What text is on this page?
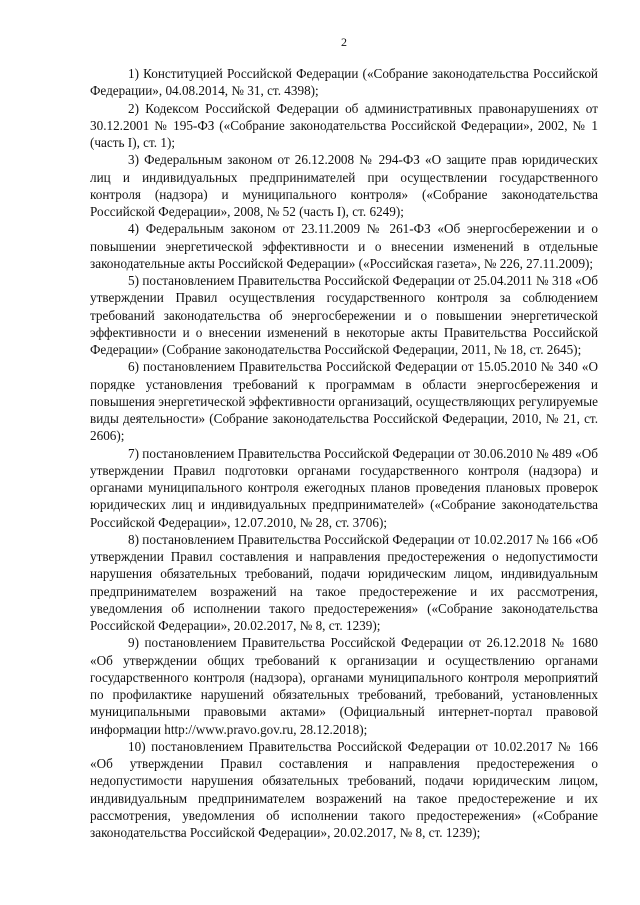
2

1) Конституцией Российской Федерации («Собрание законодательства Российской Федерации», 04.08.2014, № 31, ст. 4398);

2) Кодексом Российской Федерации об административных правонарушениях от 30.12.2001 № 195-ФЗ («Собрание законодательства Российской Федерации», 2002, № 1 (часть I), ст. 1);

3) Федеральным законом от 26.12.2008 № 294-ФЗ «О защите прав юридических лиц и индивидуальных предпринимателей при осуществлении государственного контроля (надзора) и муниципального контроля» («Собрание законодательства Российской Федерации», 2008, № 52 (часть I), ст. 6249);

4) Федеральным законом от 23.11.2009 № 261-ФЗ «Об энергосбережении и о повышении энергетической эффективности и о внесении изменений в отдельные законодательные акты Российской Федерации» («Российская газета», № 226, 27.11.2009);

5) постановлением Правительства Российской Федерации от 25.04.2011 № 318 «Об утверждении Правил осуществления государственного контроля за соблюдением требований законодательства об энергосбережении и о повышении энергетической эффективности и о внесении изменений в некоторые акты Правительства Российской Федерации» (Собрание законодательства Российской Федерации, 2011, № 18, ст. 2645);

6) постановлением Правительства Российской Федерации от 15.05.2010 № 340 «О порядке установления требований к программам в области энергосбережения и повышения энергетической эффективности организаций, осуществляющих регулируемые виды деятельности» (Собрание законодательства Российской Федерации, 2010, № 21, ст. 2606);

7) постановлением Правительства Российской Федерации от 30.06.2010 № 489 «Об утверждении Правил подготовки органами государственного контроля (надзора) и органами муниципального контроля ежегодных планов проведения плановых проверок юридических лиц и индивидуальных предпринимателей» («Собрание законодательства Российской Федерации», 12.07.2010, № 28, ст. 3706);

8) постановлением Правительства Российской Федерации от 10.02.2017 № 166 «Об утверждении Правил составления и направления предостережения о недопустимости нарушения обязательных требований, подачи юридическим лицом, индивидуальным предпринимателем возражений на такое предостережение и их рассмотрения, уведомления об исполнении такого предостережения» («Собрание законодательства Российской Федерации», 20.02.2017, № 8, ст. 1239);

9) постановлением Правительства Российской Федерации от 26.12.2018 № 1680 «Об утверждении общих требований к организации и осуществлению органами государственного контроля (надзора), органами муниципального контроля мероприятий по профилактике нарушений обязательных требований, требований, установленных муниципальными правовыми актами» (Официальный интернет-портал правовой информации http://www.pravo.gov.ru, 28.12.2018);

10) постановлением Правительства Российской Федерации от 10.02.2017 № 166 «Об утверждении Правил составления и направления предостережения о недопустимости нарушения обязательных требований, подачи юридическим лицом, индивидуальным предпринимателем возражений на такое предостережение и их рассмотрения, уведомления об исполнении такого предостережения» («Собрание законодательства Российской Федерации», 20.02.2017, № 8, ст. 1239);
